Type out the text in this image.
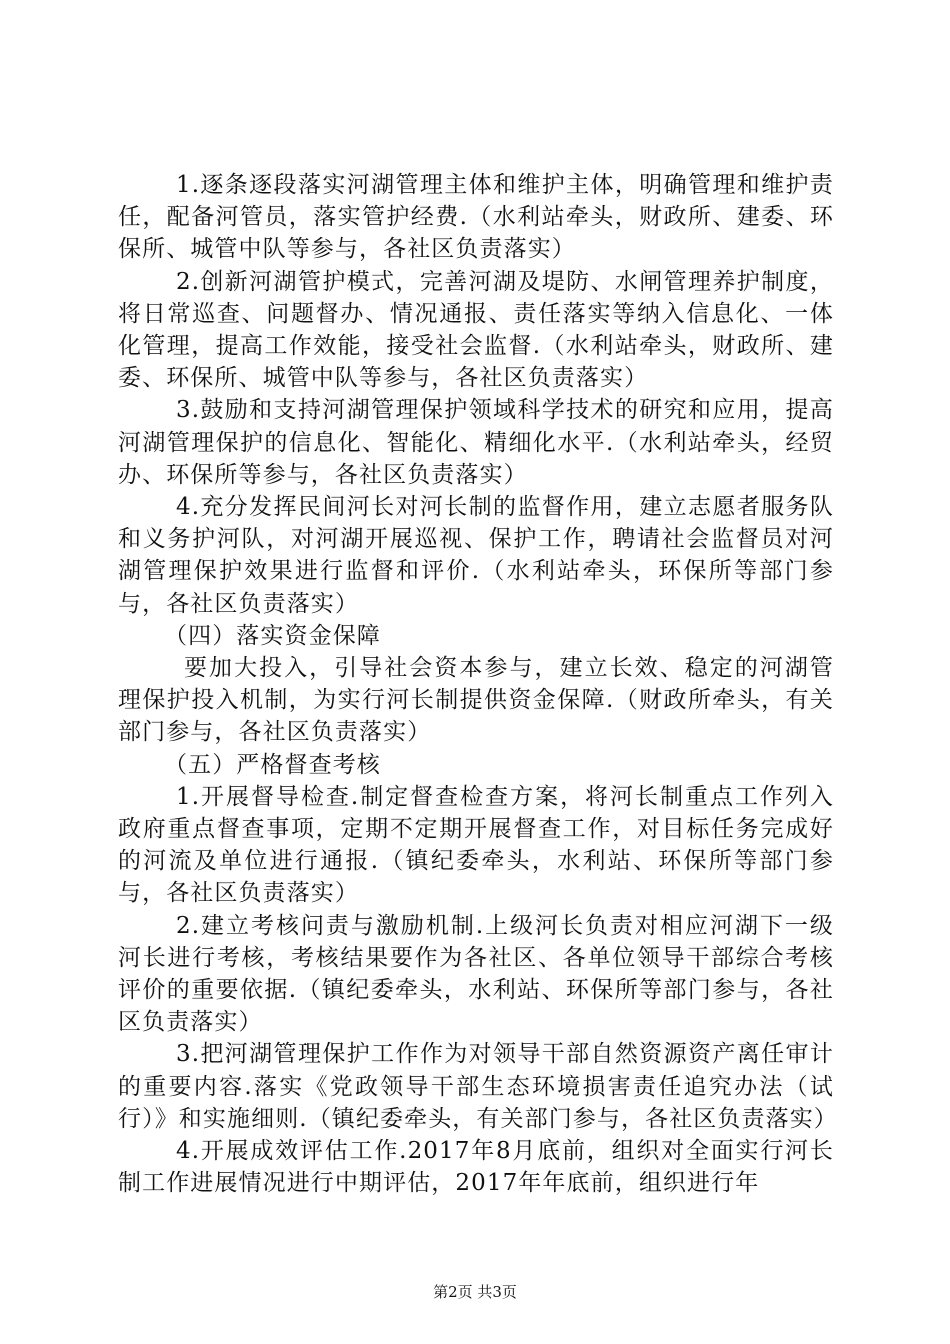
1.逐条逐段落实河湖管理主体和维护主体，明确管理和维护责任，配备河管员，落实管护经费.（水利站牵头，财政所、建委、环保所、城管中队等参与，各社区负责落实）

2.创新河湖管护模式，完善河湖及堤防、水闸管理养护制度，将日常巡查、问题督办、情况通报、责任落实等纳入信息化、一体化管理，提高工作效能，接受社会监督.（水利站牵头，财政所、建委、环保所、城管中队等参与，各社区负责落实）

3.鼓励和支持河湖管理保护领域科学技术的研究和应用，提高河湖管理保护的信息化、智能化、精细化水平.（水利站牵头，经贸办、环保所等参与，各社区负责落实）

4.充分发挥民间河长对河长制的监督作用，建立志愿者服务队和义务护河队，对河湖开展巡视、保护工作，聘请社会监督员对河湖管理保护效果进行监督和评价.（水利站牵头，环保所等部门参与，各社区负责落实）

（四）落实资金保障

要加大投入，引导社会资本参与，建立长效、稳定的河湖管理保护投入机制，为实行河长制提供资金保障.（财政所牵头，有关部门参与，各社区负责落实）

（五）严格督查考核

1.开展督导检查.制定督查检查方案，将河长制重点工作列入政府重点督查事项，定期不定期开展督查工作，对目标任务完成好的河流及单位进行通报.（镇纪委牵头，水利站、环保所等部门参与，各社区负责落实）

2.建立考核问责与激励机制.上级河长负责对相应河湖下一级河长进行考核，考核结果要作为各社区、各单位领导干部综合考核评价的重要依据.（镇纪委牵头，水利站、环保所等部门参与，各社区负责落实）

3.把河湖管理保护工作作为对领导干部自然资源资产离任审计的重要内容.落实《党政领导干部生态环境损害责任追究办法（试行）》和实施细则.（镇纪委牵头，有关部门参与，各社区负责落实）

4.开展成效评估工作.2017年8月底前，组织对全面实行河长制工作进展情况进行中期评估，2017年年底前，组织进行年

第2页 共3页
